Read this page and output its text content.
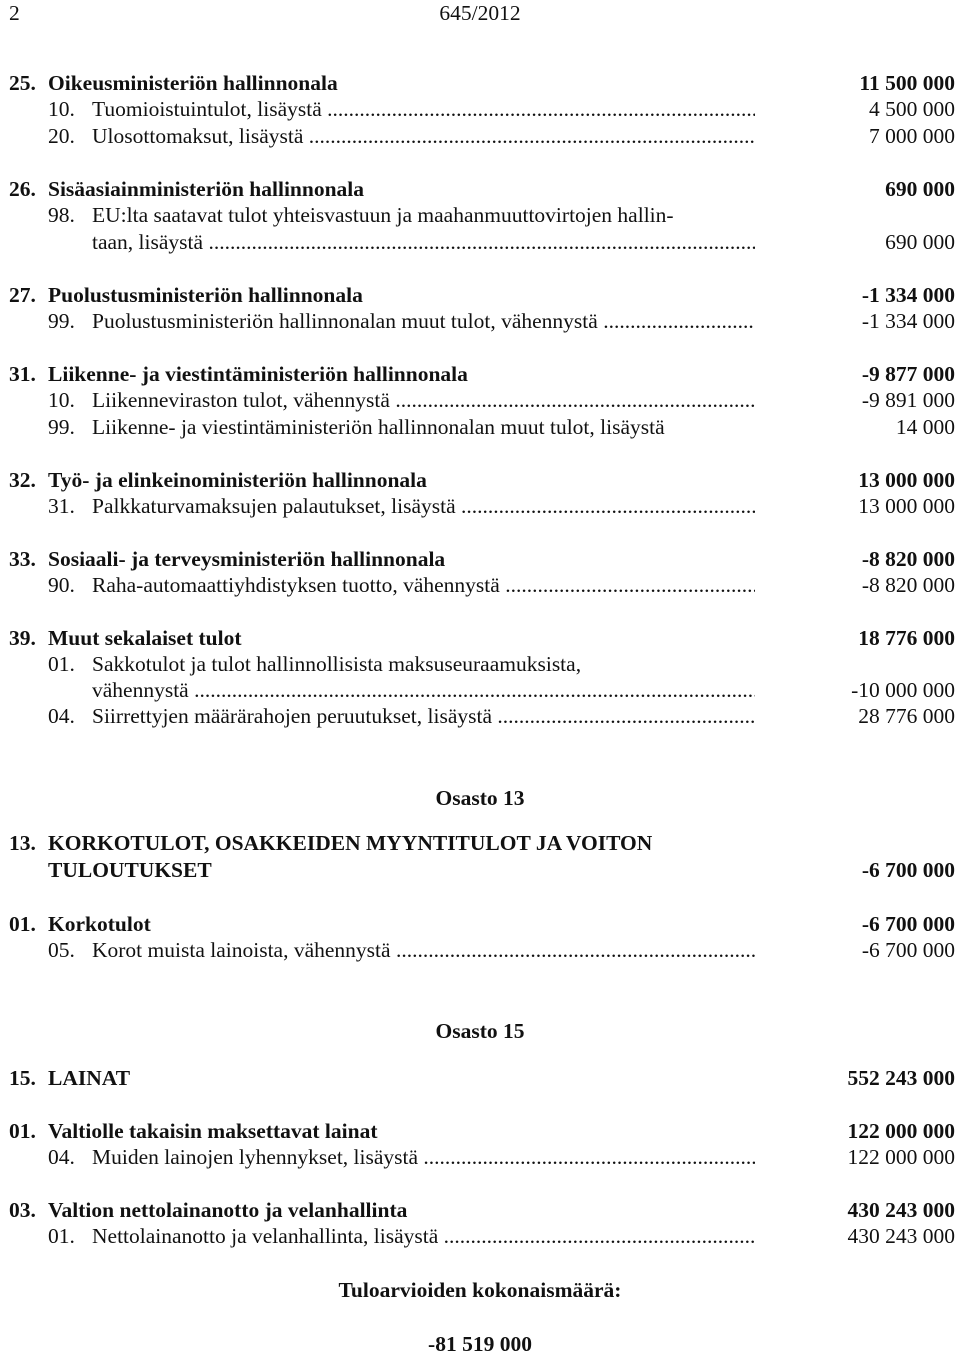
2	645/2012
25. Oikeusministeriön hallinnonala	11 500 000
10. Tuomioistuintulot, lisäystä .....	4 500 000
20. Ulosottomaksut, lisäystä .....	7 000 000
26. Sisäasiainministeriön hallinnonala	690 000
98. EU:lta saatavat tulot yhteisvastuun ja maahanmuuttovirtojen hallin-
taan, lisäystä .....	690 000
27. Puolustusministeriön hallinnonala	-1 334 000
99. Puolustusministeriön hallinnonalan muut tulot, vähennystä .....	-1 334 000
31. Liikenne- ja viestintäministeriön hallinnonala	-9 877 000
10. Liikenneviraston tulot, vähennystä .....	-9 891 000
99. Liikenne- ja viestintäministeriön hallinnonalan muut tulot, lisäystä	14 000
32. Työ- ja elinkeinoministeriön hallinnonala	13 000 000
31. Palkkaturvamaksujen palautukset, lisäystä .....	13 000 000
33. Sosiaali- ja terveysministeriön hallinnonala	-8 820 000
90. Raha-automaattiyhdistyksen tuotto, vähennystä .....	-8 820 000
39. Muut sekalaiset tulot	18 776 000
01. Sakkotulot ja tulot hallinnollisista maksuseuraamuksista,
vähennystä .....	-10 000 000
04. Siirrettyjen määrärahojen peruutukset, lisäystä .....	28 776 000
Osasto 13
13. KORKOTULOT, OSAKKEIDEN MYYNTITULOT JA VOITON
TULOUTUKSET	-6 700 000
01. Korkotulot	-6 700 000
05. Korot muista lainoista, vähennystä .....	-6 700 000
Osasto 15
15. LAINAT	552 243 000
01. Valtiolle takaisin maksettavat lainat	122 000 000
04. Muiden lainojen lyhennykset, lisäystä .....	122 000 000
03. Valtion nettolainanotto ja velanhallinta	430 243 000
01. Nettolainanotto ja velanhallinta, lisäystä .....	430 243 000
Tuloarvioiden kokonaismäärä:
-81 519 000
